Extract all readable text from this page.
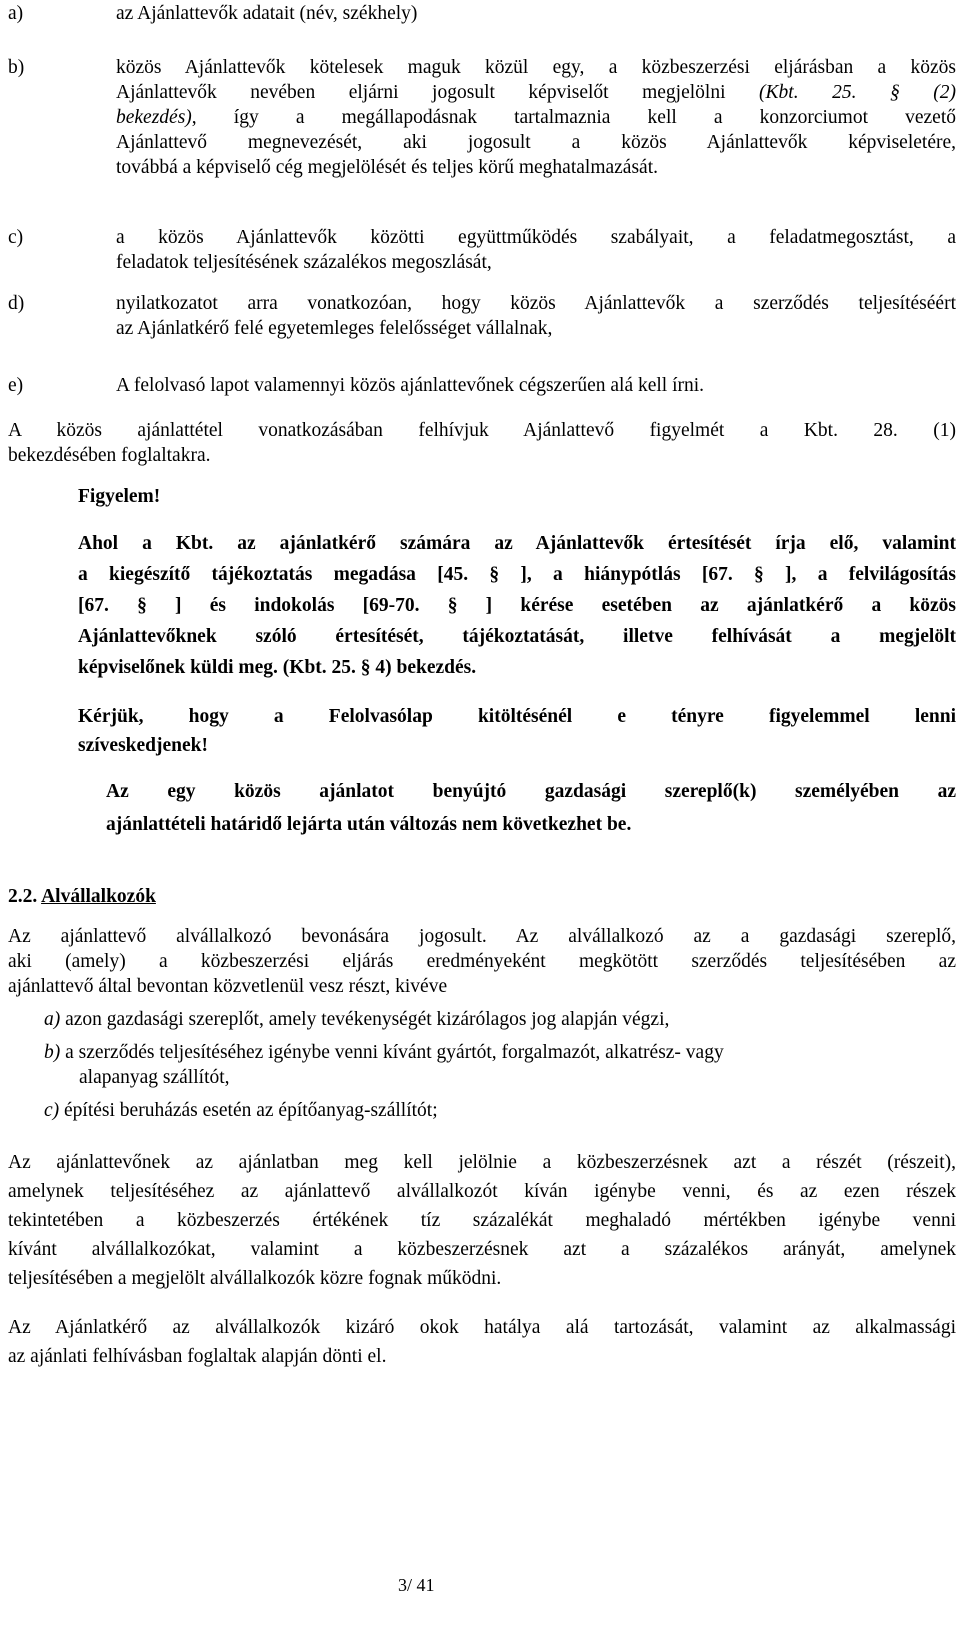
a)	az Ajánlattevők adatait (név, székhely)
b)	közös Ajánlattevők kötelesek maguk közül egy, a közbeszerzési eljárásban a közös
Ajánlattevők nevében eljárni jogosult képviselőt megjelölni (Kbt. 25. § (2)
bekezdés), így a megállapodásnak tartalmaznia kell a konzorciumot vezető
Ajánlattevő megnevezését, aki jogosult a közös Ajánlattevők képviseletére,
továbbá a képviselő cég megjelölését és teljes körű meghatalmazását.
c)	a közös Ajánlattevők közötti együttműködés szabályait, a feladatmegosztást, a
feladatok teljesítésének százalékos megoszlását,
d)	nyilatkozatot arra vonatkozóan, hogy közös Ajánlattevők a szerződés teljesítéséért
az Ajánlatkérő felé egyetemleges felelősséget vállalnak,
e)	A felolvasó lapot valamennyi közös ajánlattevőnek cégszerűen alá kell írni.
A közös ajánlattétel vonatkozásában felhívjuk Ajánlattevő figyelmét a Kbt. 28. (1)
bekezdésében foglaltakra.
Figyelem!
Ahol a Kbt. az ajánlatkérő számára az Ajánlattevők értesítését írja elő, valamint
a kiegészítő tájékoztatás megadása [45. § ], a hiánypótlás [67. § ], a felvilágosítás
[67. § ] és indokolás [69-70. § ] kérése esetében az ajánlatkérő a közös
Ajánlattevőknek szóló értesítését, tájékoztatását, illetve felhívását a megjelölt
képviselőnek küldi meg. (Kbt. 25. § 4) bekezdés.
Kérjük, hogy a Felolvasólap kitöltésénél e tényre figyelemmel lenni
szíveskedjenek!
Az egy közös ajánlatot benyújtó gazdasági szereplő(k) személyében az
ajánlattételi határidő lejárta után változás nem következhet be.
2.2. Alvállalkozók
Az ajánlattevő alvállalkozó bevonására jogosult. Az alvállalkozó az a gazdasági szereplő,
aki (amely) a közbeszerzési eljárás eredményeként megkötött szerződés teljesítésében az
ajánlattevő által bevontan közvetlenül vesz részt, kivéve
a) azon gazdasági szereplőt, amely tevékenységét kizárólagos jog alapján végzi,
b) a szerződés teljesítéséhez igénybe venni kívánt gyártót, forgalmazót, alkatrész- vagy
alapanyag szállítót,
c) építési beruházás esetén az építőanyag-szállítót;
Az ajánlattevőnek az ajánlatban meg kell jelölnie a közbeszerzésnek azt a részét (részeit),
amelynek teljesítéséhez az ajánlattevő alvállalkozót kíván igénybe venni, és az ezen részek
tekintetében a közbeszerzés értékének tíz százalékát meghaladó mértékben igénybe venni
kívánt alvállalkozókat, valamint a közbeszerzésnek azt a százalékos arányát, amelynek
teljesítésében a megjelölt alvállalkozók közre fognak működni.
Az Ajánlatkérő az alvállalkozók kizáró okok hatálya alá tartozását, valamint az alkalmassági
az ajánlati felhívásban foglaltak alapján dönti el.
3/ 41
